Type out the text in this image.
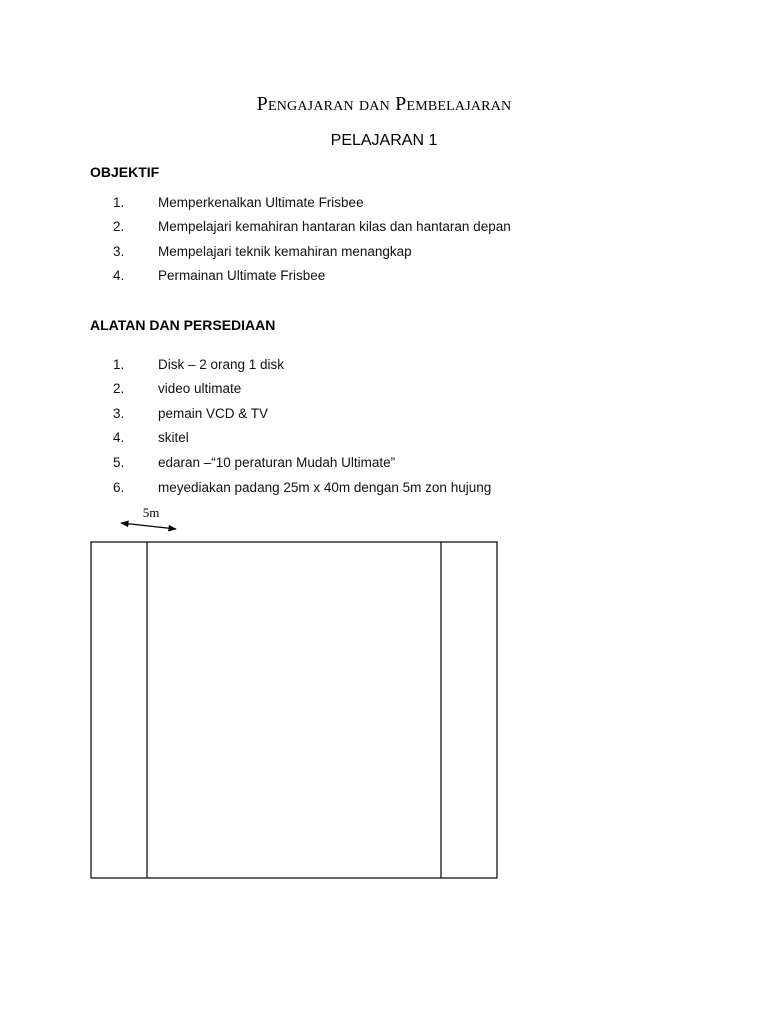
Pengajaran dan Pembelajaran
PELAJARAN 1
OBJEKTIF
1. Memperkenalkan Ultimate Frisbee
2. Mempelajari kemahiran hantaran kilas dan hantaran depan
3. Mempelajari teknik kemahiran menangkap
4. Permainan Ultimate Frisbee
ALATAN DAN PERSEDIAAN
1. Disk – 2 orang 1 disk
2. video ultimate
3. pemain VCD & TV
4. skitel
5. edaran –“10 peraturan Mudah Ultimate”
6. meyediakan padang 25m x 40m dengan 5m zon hujung
5m
